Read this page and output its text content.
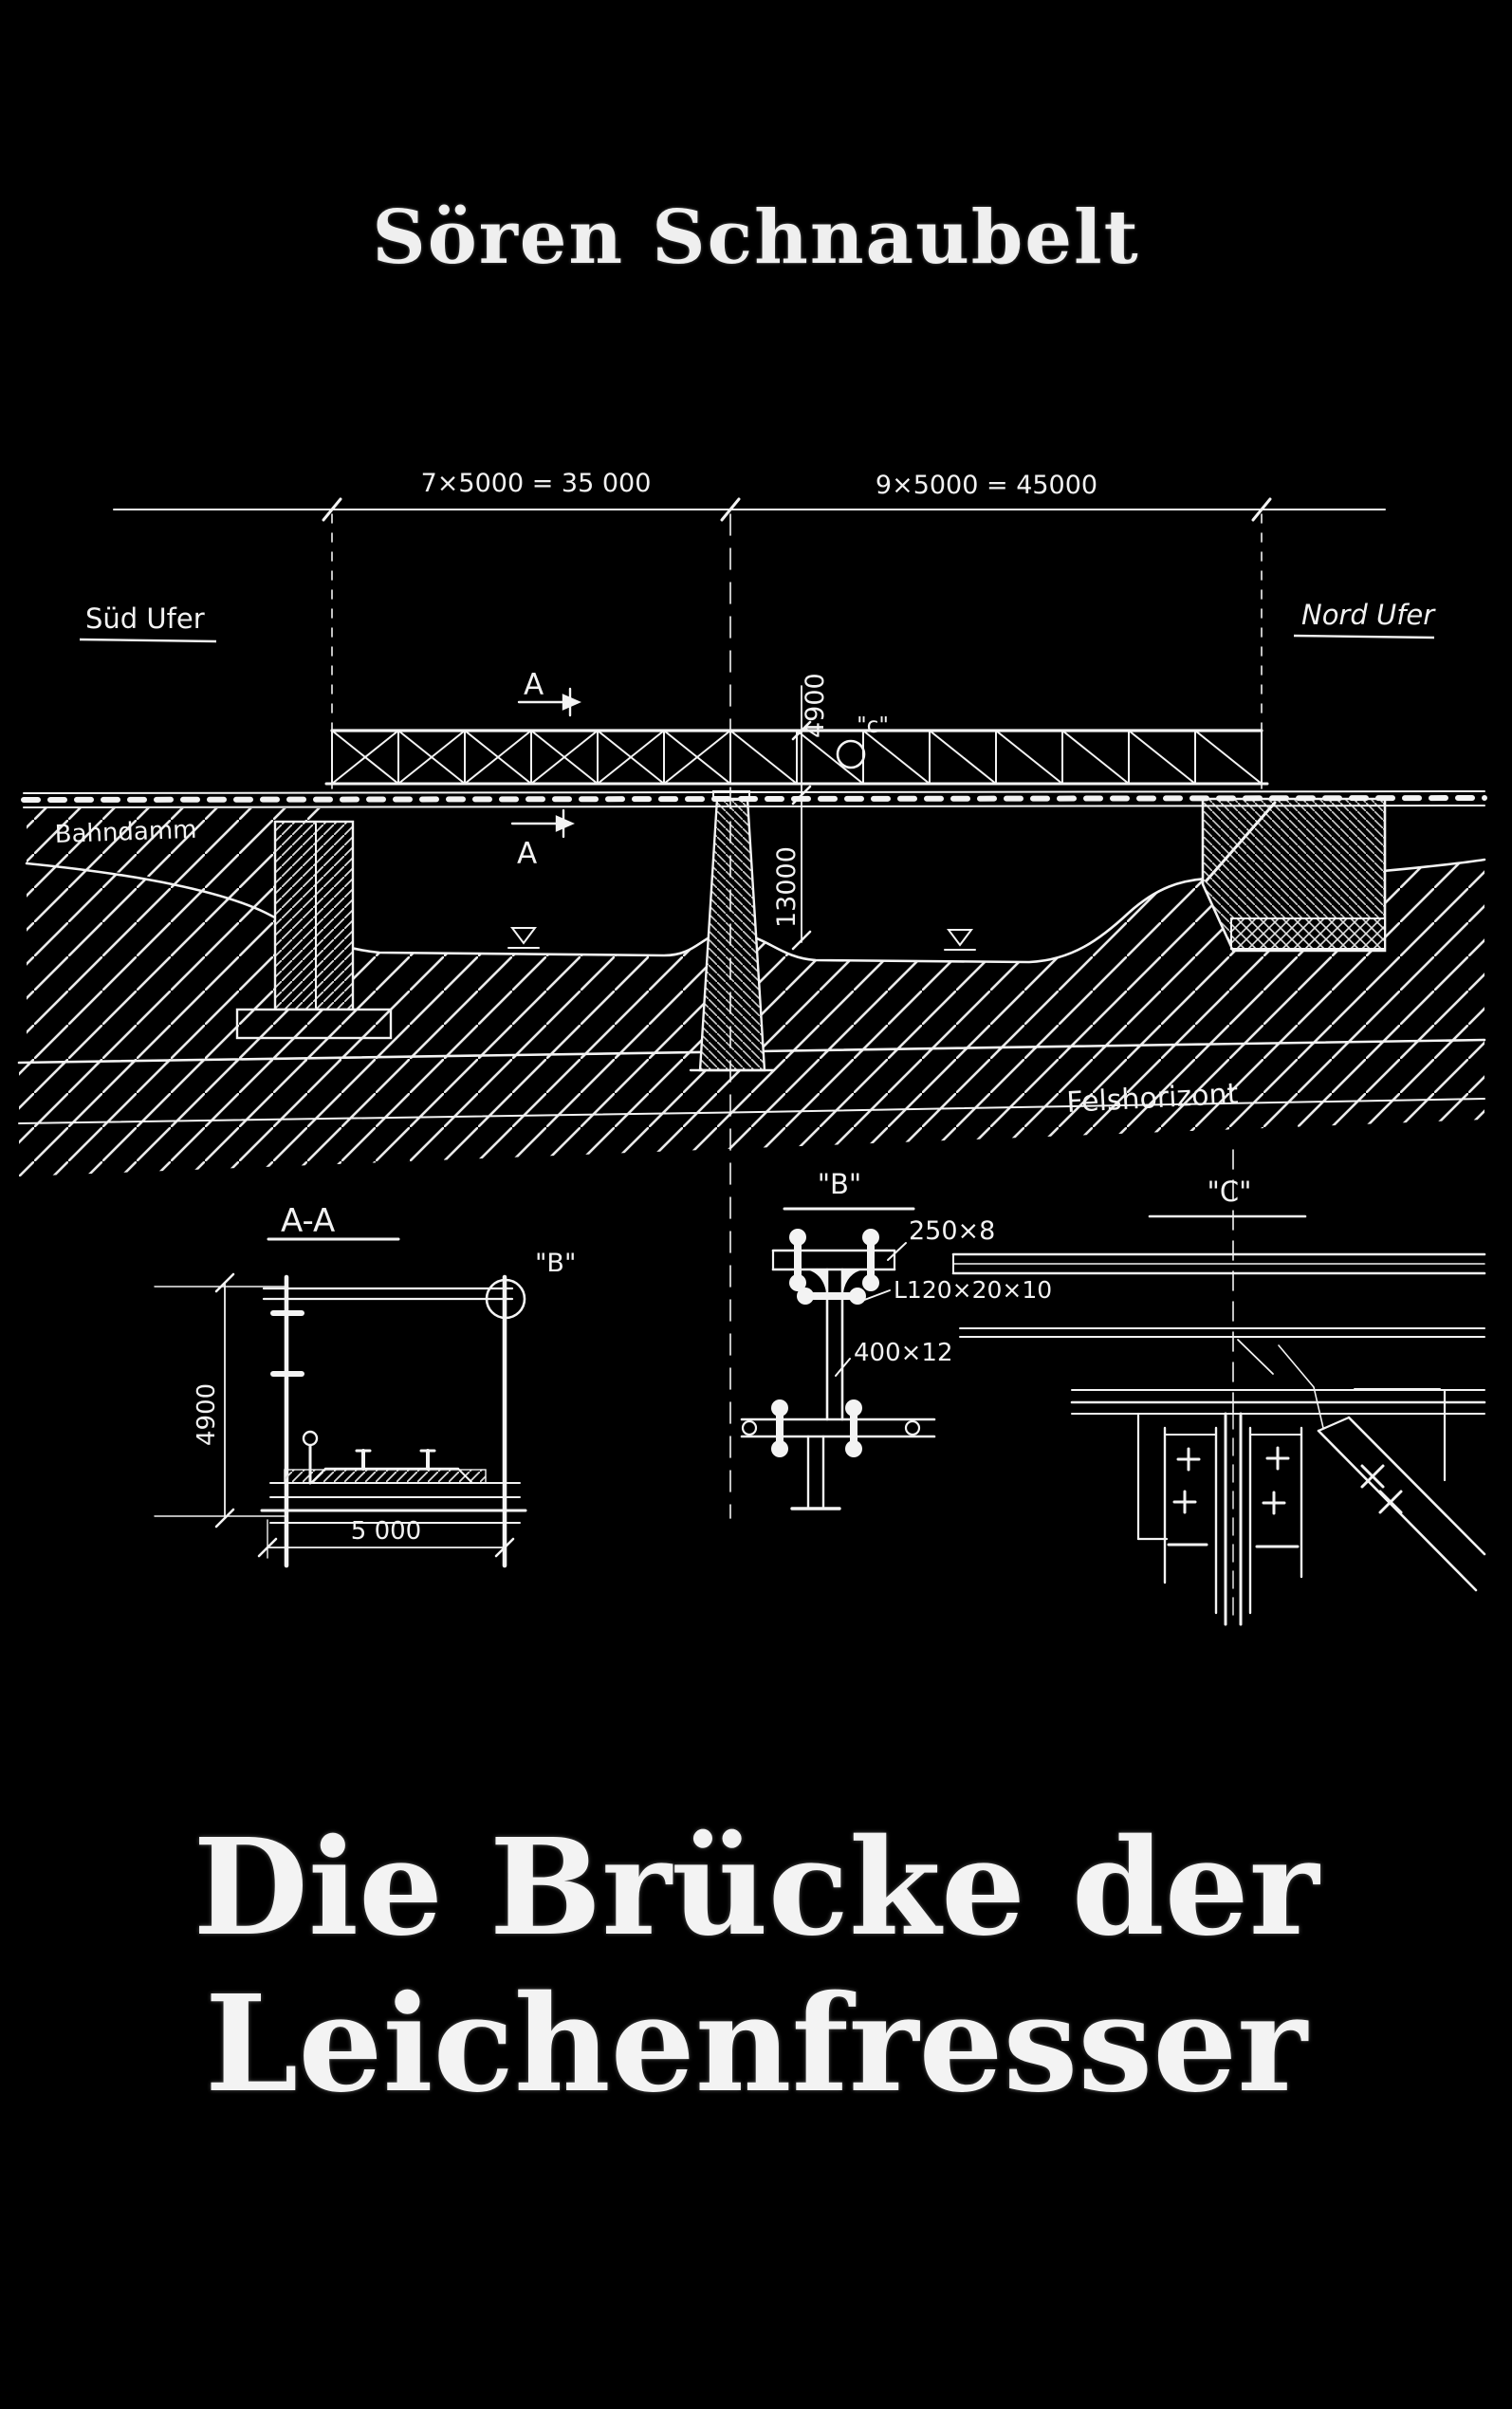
Sören Schnaubelt
7×5000 = 35 000	9×5000 = 45000
Süd Ufer	Nord Ufer
Bahndamm
Felshorizont
A
A
4900 "c"
13000
A-A
"B"
4900
5 000
"B"	"C"
250×8
L120×20×10
400×12
Die Brücke der
Leichenfresser
